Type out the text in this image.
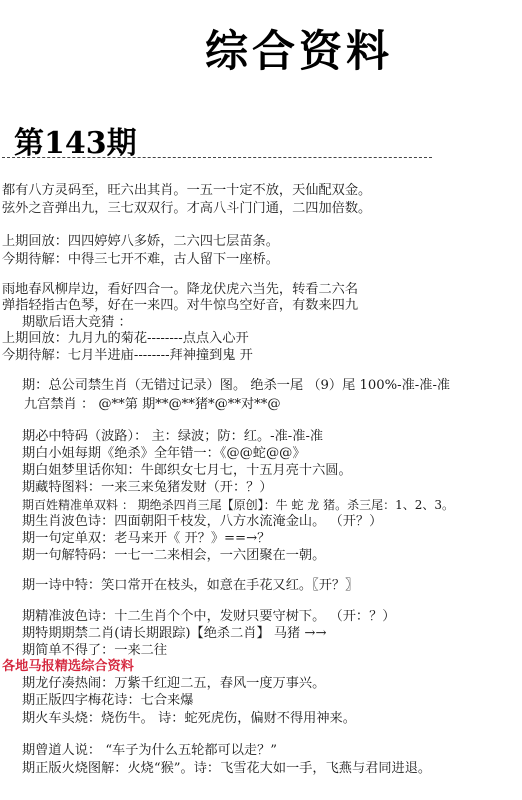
综合资料
第143期
都有八方灵码至，旺六出其肖。一五一十定不放，天仙配双金。
弦外之音弹出九，三七双双行。才高八斗门门通，二四加倍数。
上期回放：四四婷婷八多娇，二六四七层苗条。
今期待解：中得三七开不难，古人留下一座桥。
雨地春风柳岸边，看好四合一。降龙伏虎六当先，转看二六名
弹指轻指古色琴，好在一来四。对牛惊鸟空好音，有数来四九
期歇后语大竞猜 ：
上期回放：九月九的菊花--------点点入心开
今期待解：七月半进庙--------拜神撞到鬼 开
期：总公司禁生肖（无错过记录）图。 绝杀一尾 （9）尾 100%-准-准-准
九宫禁肖 ： @**第 期**@**猪*@**对**@
期必中特码（波路）： 主：绿波；防：红。-准-准-准
期白小姐每期《绝杀》全年错一：《@@蛇@@》
期白姐梦里话你知：牛郎织女七月七，十五月亮十六圆。
期藏特图料：一来三来兔猪发财（开：？）
期百姓精准单双料 ： 期绝杀四肖三尾【原创】：牛 蛇 龙 猪。杀三尾：1、2、3。
期生肖波色诗：四面朝阳千枝发，八方水流淹金山。 （开？）
期一句定单双：老马来开《 开？》==→？
期一句解特码：一七一二来相会，一六团聚在一朝。
期一诗中特：笑口常开在枝头，如意在手花又红。〖开？〗
期精准波色诗：十二生肖个个中，发财只要守树下。 （开：？）
期特期期禁二肖(请长期跟踪)【绝杀二肖】 马猪 →→
期简单不得了：一来二往
各地马报精选综合资料
期龙仔凑热闹：万紫千红迎二五，春风一度万事兴。
期正版四字梅花诗：七合来爆
期火车头烧：烧伤牛。 诗：蛇死虎伤，偏财不得用神来。
期曾道人说： “车子为什么五轮都可以走？”
期正版火烧图解：火烧“猴”。诗：飞雪花大如一手，飞燕与君同进退。
